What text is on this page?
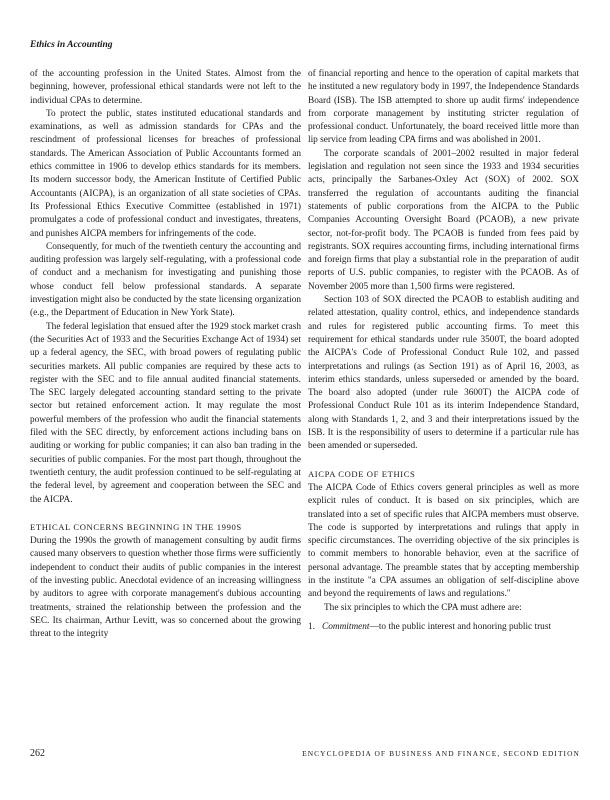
Ethics in Accounting

of the accounting profession in the United States. Almost from the beginning, however, professional ethical standards were not left to the individual CPAs to determine.

To protect the public, states instituted educational standards and examinations, as well as admission standards for CPAs and the rescindment of professional licenses for breaches of professional standards. The American Association of Public Accountants formed an ethics committee in 1906 to develop ethics standards for its members. Its modern successor body, the American Institute of Certified Public Accountants (AICPA), is an organization of all state societies of CPAs. Its Professional Ethics Executive Committee (established in 1971) promulgates a code of professional conduct and investigates, threatens, and punishes AICPA members for infringements of the code.

Consequently, for much of the twentieth century the accounting and auditing profession was largely self-regulating, with a professional code of conduct and a mechanism for investigating and punishing those whose conduct fell below professional standards. A separate investigation might also be conducted by the state licensing organization (e.g., the Department of Education in New York State).

The federal legislation that ensued after the 1929 stock market crash (the Securities Act of 1933 and the Securities Exchange Act of 1934) set up a federal agency, the SEC, with broad powers of regulating public securities markets. All public companies are required by these acts to register with the SEC and to file annual audited financial statements. The SEC largely delegated accounting standard setting to the private sector but retained enforcement action. It may regulate the most powerful members of the profession who audit the financial statements filed with the SEC directly, by enforcement actions including bans on auditing or working for public companies; it can also ban trading in the securities of public companies. For the most part though, throughout the twentieth century, the audit profession continued to be self-regulating at the federal level, by agreement and cooperation between the SEC and the AICPA.

ETHICAL CONCERNS BEGINNING IN THE 1990S

During the 1990s the growth of management consulting by audit firms caused many observers to question whether those firms were sufficiently independent to conduct their audits of public companies in the interest of the investing public. Anecdotal evidence of an increasing willingness by auditors to agree with corporate management's dubious accounting treatments, strained the relationship between the profession and the SEC. Its chairman, Arthur Levitt, was so concerned about the growing threat to the integrity

of financial reporting and hence to the operation of capital markets that he instituted a new regulatory body in 1997, the Independence Standards Board (ISB). The ISB attempted to shore up audit firms' independence from corporate management by instituting stricter regulation of professional conduct. Unfortunately, the board received little more than lip service from leading CPA firms and was abolished in 2001.

The corporate scandals of 2001–2002 resulted in major federal legislation and regulation not seen since the 1933 and 1934 securities acts, principally the Sarbanes-Oxley Act (SOX) of 2002. SOX transferred the regulation of accountants auditing the financial statements of public corporations from the AICPA to the Public Companies Accounting Oversight Board (PCAOB), a new private sector, not-for-profit body. The PCAOB is funded from fees paid by registrants. SOX requires accounting firms, including international firms and foreign firms that play a substantial role in the preparation of audit reports of U.S. public companies, to register with the PCAOB. As of November 2005 more than 1,500 firms were registered.

Section 103 of SOX directed the PCAOB to establish auditing and related attestation, quality control, ethics, and independence standards and rules for registered public accounting firms. To meet this requirement for ethical standards under rule 3500T, the board adopted the AICPA's Code of Professional Conduct Rule 102, and passed interpretations and rulings (as Section 191) as of April 16, 2003, as interim ethics standards, unless superseded or amended by the board. The board also adopted (under rule 3600T) the AICPA code of Professional Conduct Rule 101 as its interim Independence Standard, along with Standards 1, 2, and 3 and their interpretations issued by the ISB. It is the responsibility of users to determine if a particular rule has been amended or superseded.

AICPA CODE OF ETHICS

The AICPA Code of Ethics covers general principles as well as more explicit rules of conduct. It is based on six principles, which are translated into a set of specific rules that AICPA members must observe. The code is supported by interpretations and rulings that apply in specific circumstances. The overriding objective of the six principles is to commit members to honorable behavior, even at the sacrifice of personal advantage. The preamble states that by accepting membership in the institute "a CPA assumes an obligation of self-discipline above and beyond the requirements of laws and regulations."

The six principles to which the CPA must adhere are:

1. Commitment—to the public interest and honoring public trust
262	ENCYCLOPEDIA OF BUSINESS AND FINANCE, SECOND EDITION
